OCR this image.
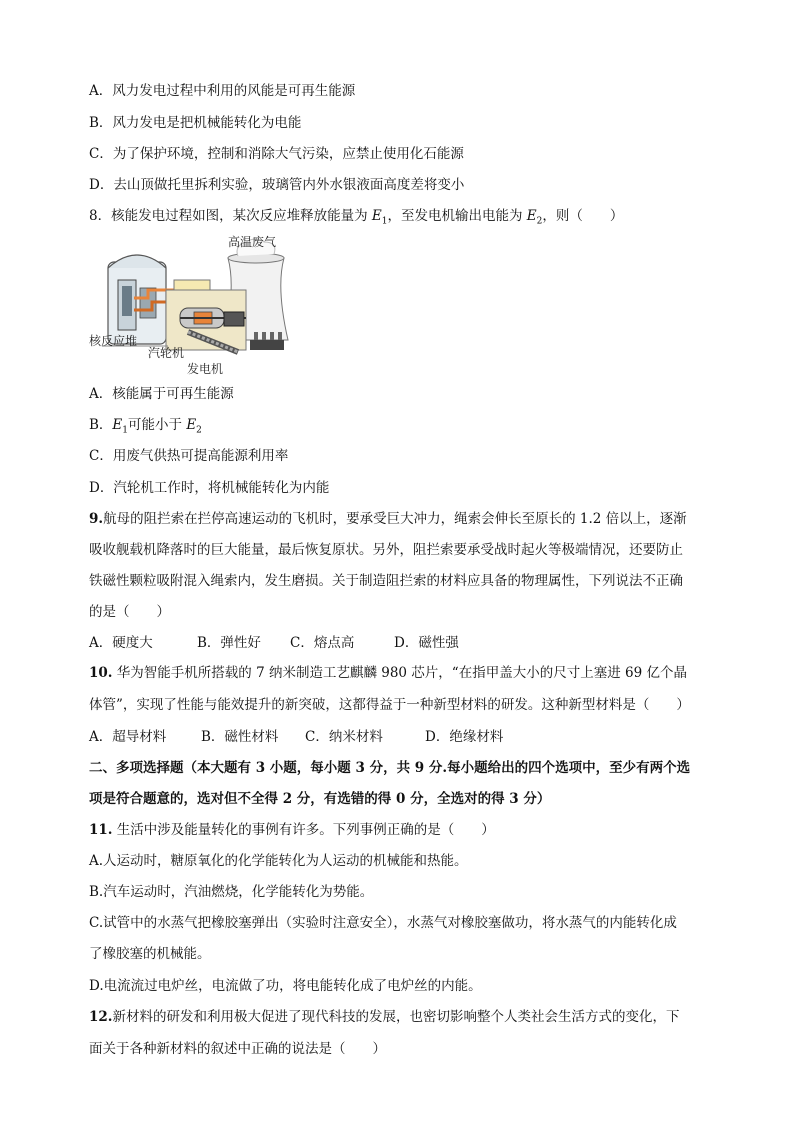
A．风力发电过程中利用的风能是可再生能源
B．风力发电是把机械能转化为电能
C．为了保护环境，控制和消除大气污染，应禁止使用化石能源
D．去山顶做托里拆利实验，玻璃管内外水银液面高度差将变小
8．核能发电过程如图，某次反应堆释放能量为 $E_1$，至发电机输出电能为 $E_2$，则（　　）
高温废气
核反应堆
汽轮机
发电机
A．核能属于可再生能源
B．$E_1$可能小于 $E_2$
C．用废气供热可提高能源利用率
D．汽轮机工作时，将机械能转化为内能
9.航母的阻拦索在拦停高速运动的飞机时，要承受巨大冲力，绳索会伸长至原长的 1.2 倍以上，逐渐
吸收舰载机降落时的巨大能量，最后恢复原状。另外，阻拦索要承受战时起火等极端情况，还要防止
铁磁性颗粒吸附混入绳索内，发生磨损。关于制造阻拦索的材料应具备的物理属性，下列说法不正确
的是（　　）
A．硬度大	B．弹性好 C．熔点高	D．磁性强
10. 华为智能手机所搭载的 7 纳米制造工艺麒麟 980 芯片，“在指甲盖大小的尺寸上塞进 69 亿个晶
体管”，实现了性能与能效提升的新突破，这都得益于一种新型材料的研发。这种新型材料是（　　）
A．超导材料	B．磁性材料 C．纳米材料	D．绝缘材料
二、多项选择题（本大题有 3 小题，每小题 3 分，共 9 分.每小题给出的四个选项中，至少有两个选
项是符合题意的，选对但不全得 2 分，有选错的得 0 分，全选对的得 3 分）
11. 生活中涉及能量转化的事例有许多。下列事例正确的是（　　）
A.人运动时，糖原氧化的化学能转化为人运动的机械能和热能。
B.汽车运动时，汽油燃烧，化学能转化为势能。
C.试管中的水蒸气把橡胶塞弹出（实验时注意安全），水蒸气对橡胶塞做功，将水蒸气的内能转化成
了橡胶塞的机械能。
D.电流流过电炉丝，电流做了功，将电能转化成了电炉丝的内能。
12.新材料的研发和利用极大促进了现代科技的发展，也密切影响整个人类社会生活方式的变化，下
面关于各种新材料的叙述中正确的说法是（　　）
